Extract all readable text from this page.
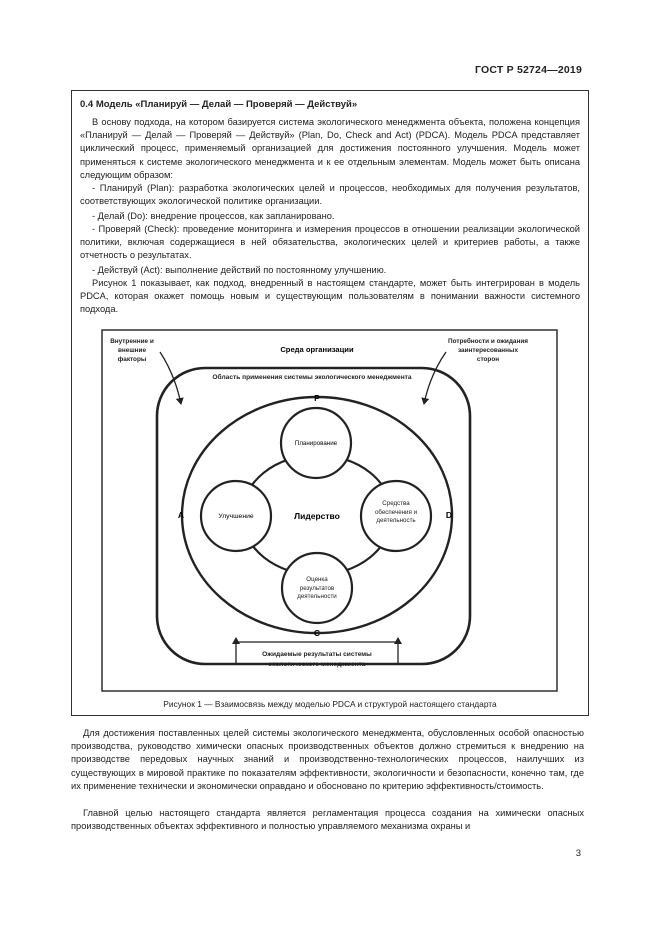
ГОСТ Р 52724—2019
0.4 Модель «Планируй — Делай — Проверяй — Действуй»

В основу подхода, на котором базируется система экологического менеджмента объекта, положена концепция «Планируй — Делай — Проверяй — Действуй» (Plan, Do, Check and Act) (PDCA). Модель PDCA представляет циклический процесс, применяемый организацией для достижения постоянного улучшения. Модель может применяться к системе экологического менеджмента и к ее отдельным элементам. Модель может быть описана следующим образом:

- Планируй (Plan): разработка экологических целей и процессов, необходимых для получения результатов, соответствующих экологической политике организации.

- Делай (Do): внедрение процессов, как запланировано.

- Проверяй (Check): проведение мониторинга и измерения процессов в отношении реализации экологической политики, включая содержащиеся в ней обязательства, экологических целей и критериев работы, а также отчетность о результатах.

- Действуй (Act): выполнение действий по постоянному улучшению.

Рисунок 1 показывает, как подход, внедренный в настоящем стандарте, может быть интегрирован в модель PDCA, которая окажет помощь новым и существующим пользователям в понимании важности системного подхода.

P
D
C
A
Среда организации
Планирование
Улучшение	Лидерство
Внутренние и внешние факторы
Потребности и ожидания заинтересованных сторон
Область применения системы экологического менеджмента
Средства обеспечения и деятельность
Оценка результатов деятельности
Ожидаемые результаты системы экологического менеджмента
Рисунок 1 — Взаимосвязь между моделью PDCA и структурой настоящего стандарта

Для достижения поставленных целей системы экологического менеджмента, обусловленных особой опасностью производства, руководство химически опасных производственных объектов должно стремиться к внедрению на производстве передовых научных знаний и производственно-технологических процессов, наилучших из существующих в мировой практике по показателям эффективности, экологичности и безопасности, конечно там, где их применение технически и экономически оправдано и обосновано по критерию эффективность/стоимость.

Главной целью настоящего стандарта является регламентация процесса создания на химически опасных производственных объектах эффективного и полностью управляемого механизма охраны и

3
